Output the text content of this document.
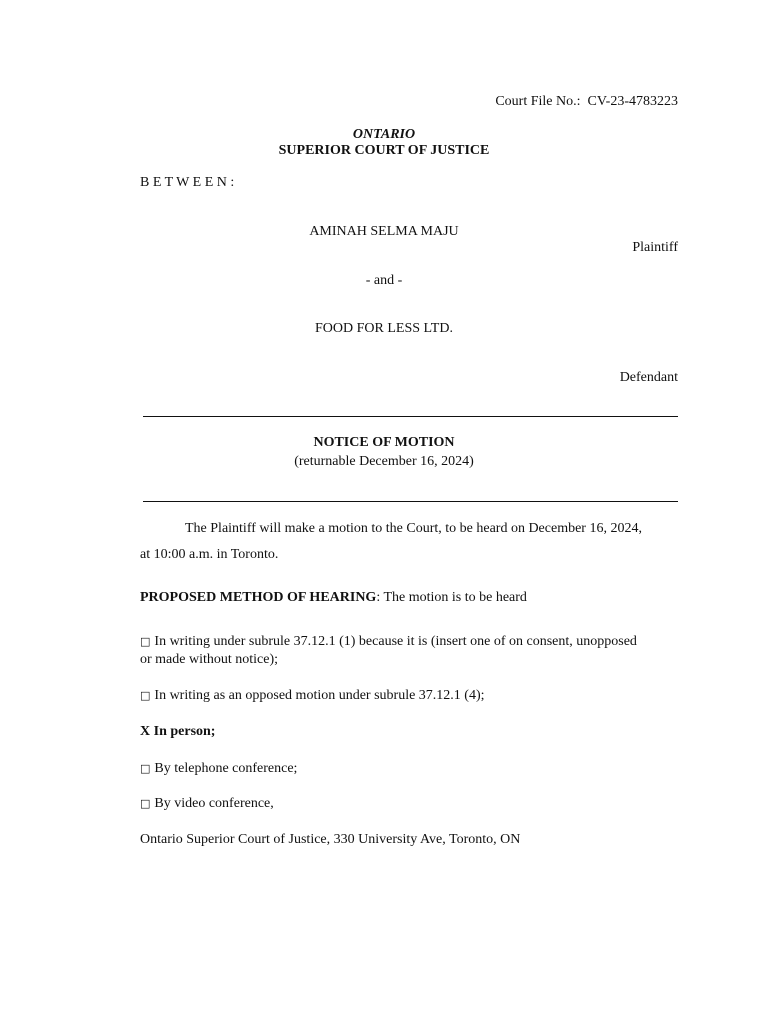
Court File No.: CV-23-4783223
ONTARIO
SUPERIOR COURT OF JUSTICE
B E T W E E N :
AMINAH SELMA MAJU
Plaintiff
- and -
FOOD FOR LESS LTD.
Defendant
NOTICE OF MOTION
(returnable December 16, 2024)
The Plaintiff will make a motion to the Court, to be heard on December 16, 2024,
at 10:00 a.m. in Toronto.
PROPOSED METHOD OF HEARING: The motion is to be heard
□ In writing under subrule 37.12.1 (1) because it is (insert one of on consent, unopposed
or made without notice);
□ In writing as an opposed motion under subrule 37.12.1 (4);
X In person;
□ By telephone conference;
□ By video conference,
Ontario Superior Court of Justice, 330 University Ave, Toronto, ON
